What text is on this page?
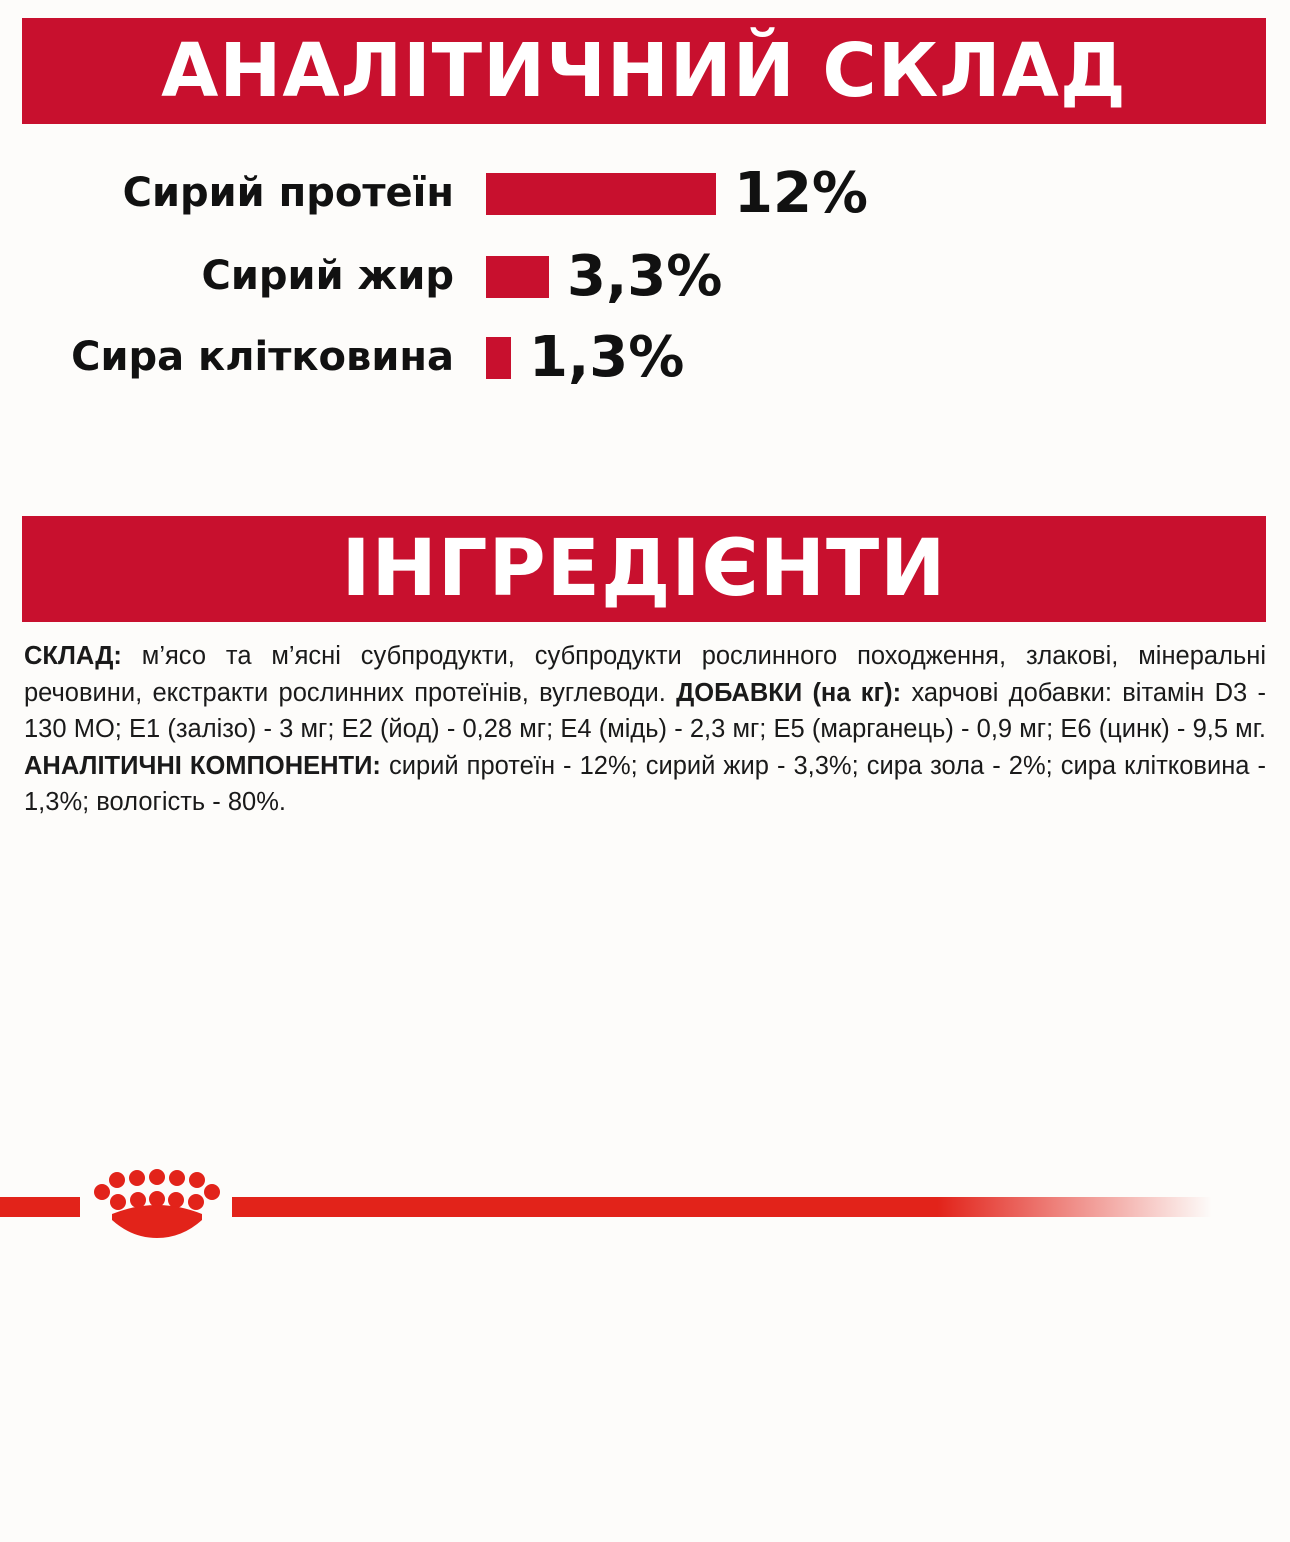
АНАЛІТИЧНИЙ СКЛАД
Сирий протеїн	12%
Сирий жир 3,3%
Сира клітковина 1,3%
ІНГРЕДІЄНТИ
СКЛАД: м’ясо та м’ясні субпродукти, субпродукти рослинного походження, злакові, мінеральні речовини, екстракти рослинних протеїнів, вуглеводи. ДОБАВКИ (на кг): харчові добавки: вітамін D3 - 130 МО; E1 (залізо) - 3 мг; E2 (йод) - 0,28 мг; E4 (мідь) - 2,3 мг; E5 (марганець) - 0,9 мг; E6 (цинк) - 9,5 мг. АНАЛІТИЧНІ КОМПОНЕНТИ: сирий протеїн - 12%; сирий жир - 3,3%; сира зола - 2%; сира клітковина - 1,3%; вологість - 80%.
